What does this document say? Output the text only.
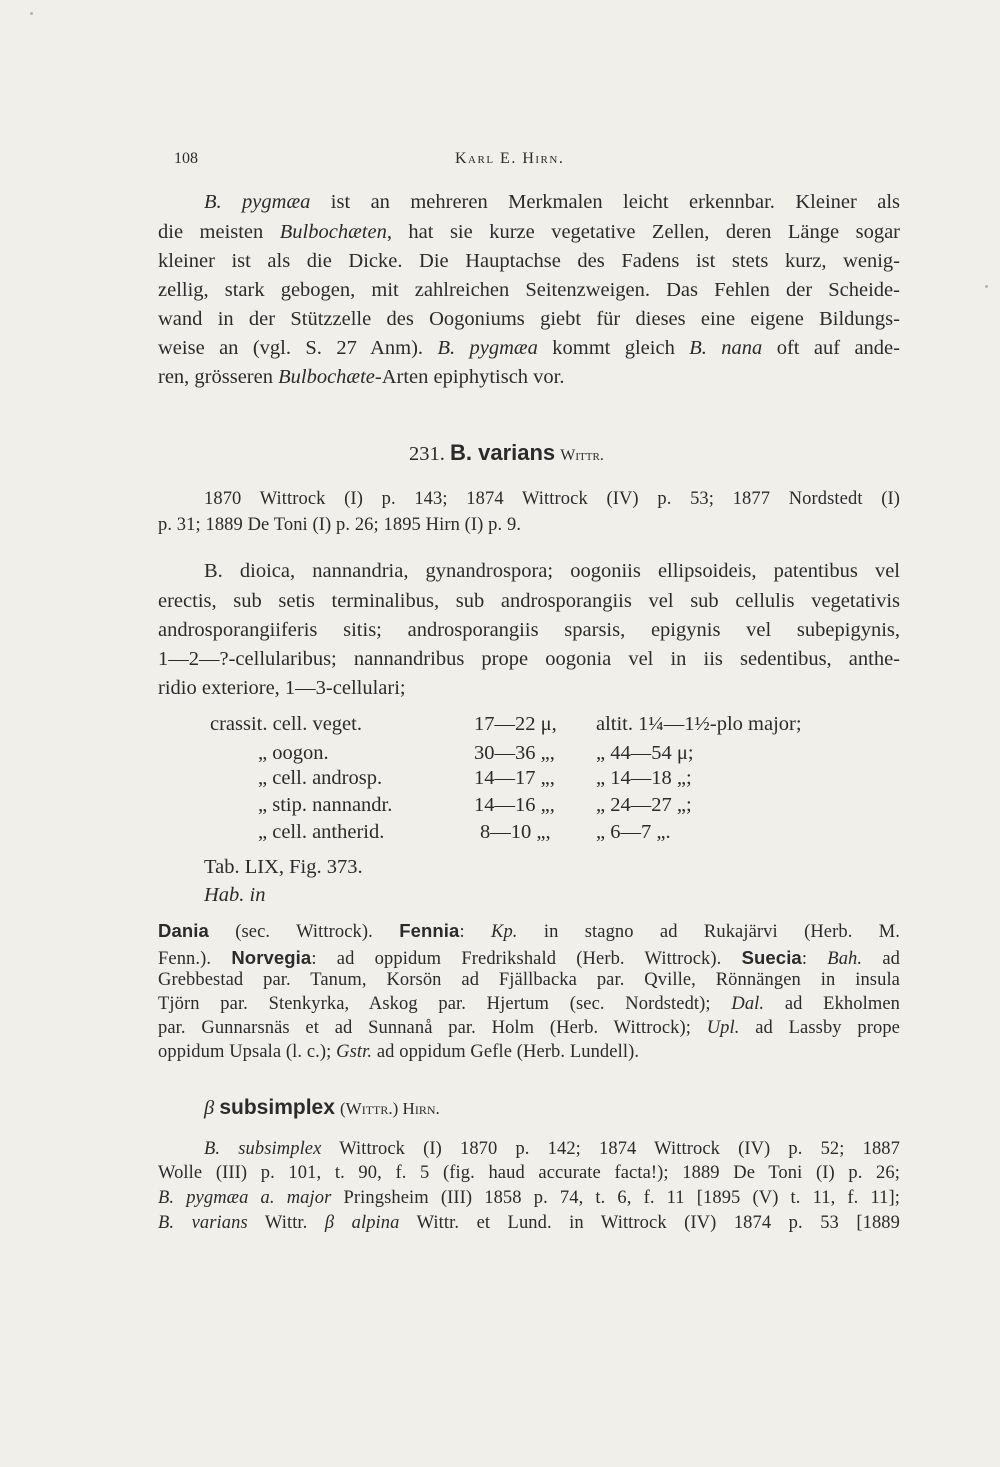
108	Karl E. Hirn.
B. pygmæa ist an mehreren Merkmalen leicht erkennbar. Kleiner als
die meisten Bulbochæten, hat sie kurze vegetative Zellen, deren Länge sogar
kleiner ist als die Dicke. Die Hauptachse des Fadens ist stets kurz, wenig-
zellig, stark gebogen, mit zahlreichen Seitenzweigen. Das Fehlen der Scheide-
wand in der Stützzelle des Oogoniums giebt für dieses eine eigene Bildungs-
weise an (vgl. S. 27 Anm). B. pygmæa kommt gleich B. nana oft auf ande-
ren, grösseren Bulbochæte-Arten epiphytisch vor.
231. B. varians Wittr.
1870 Wittrock (I) p. 143; 1874 Wittrock (IV) p. 53; 1877 Nordstedt (I)
p. 31; 1889 De Toni (I) p. 26; 1895 Hirn (I) p. 9.
B. dioica, nannandria, gynandrospora; oogoniis ellipsoideis, patentibus vel
erectis, sub setis terminalibus, sub androsporangiis vel sub cellulis vegetativis
androsporangiiferis sitis; androsporangiis sparsis, epigynis vel subepigynis,
1—2—?-cellularibus; nannandribus prope oogonia vel in iis sedentibus, anthe-
ridio exteriore, 1—3-cellulari;
crassit. cell. veget.	17—22 μ, altit. 1¼—1½-plo major;
„ oogon.	30—36 „, „ 44—54 μ;
„ cell. androsp.	14—17 „, „ 14—18 „;
„ stip. nannandr.	14—16 „, „ 24—27 „;
„ cell. antherid.	8—10 „, „ 6—7 „.
Tab. LIX, Fig. 373.
Hab. in
Dania (sec. Wittrock). Fennia: Kp. in stagno ad Rukajärvi (Herb. M.
Fenn.). Norvegia: ad oppidum Fredrikshald (Herb. Wittrock). Suecia: Bah. ad
Grebbestad par. Tanum, Korsön ad Fjällbacka par. Qville, Rönnängen in insula
Tjörn par. Stenkyrka, Askog par. Hjertum (sec. Nordstedt); Dal. ad Ekholmen
par. Gunnarsnäs et ad Sunnanå par. Holm (Herb. Wittrock); Upl. ad Lassby prope
oppidum Upsala (l. c.); Gstr. ad oppidum Gefle (Herb. Lundell).
β subsimplex (Wittr.) Hirn.
B. subsimplex Wittrock (I) 1870 p. 142; 1874 Wittrock (IV) p. 52; 1887
Wolle (III) p. 101, t. 90, f. 5 (fig. haud accurate facta!); 1889 De Toni (I) p. 26;
B. pygmæa a. major Pringsheim (III) 1858 p. 74, t. 6, f. 11 [1895 (V) t. 11, f. 11];
B. varians Wittr. β alpina Wittr. et Lund. in Wittrock (IV) 1874 p. 53 [1889
